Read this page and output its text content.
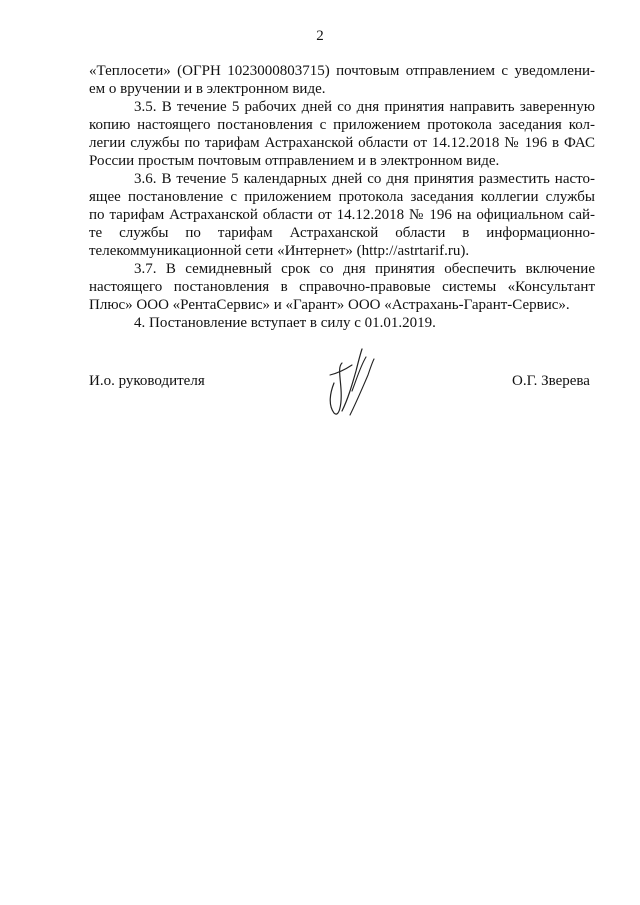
2
«Теплосети» (ОГРН 1023000803715) почтовым отправлением с уведомлени-
ем о вручении и в электронном виде.
3.5. В течение 5 рабочих дней со дня принятия направить заверенную
копию настоящего постановления с приложением протокола заседания кол-
легии службы по тарифам Астраханской области от 14.12.2018 № 196 в ФАС
России простым почтовым отправлением и в электронном виде.
3.6. В течение 5 календарных дней со дня принятия разместить насто-
ящее постановление с приложением протокола заседания коллегии службы
по тарифам Астраханской области от 14.12.2018 № 196 на официальном сай-
те службы по тарифам Астраханской области в информационно-
телекоммуникационной сети «Интернет» (http://astrtarif.ru).
3.7. В семидневный срок со дня принятия обеспечить включение
настоящего постановления в справочно-правовые системы «Консультант
Плюс» ООО «РентаСервис» и «Гарант» ООО «Астрахань-Гарант-Сервис».
4. Постановление вступает в силу с 01.01.2019.
И.о. руководителя	О.Г. Зверева
